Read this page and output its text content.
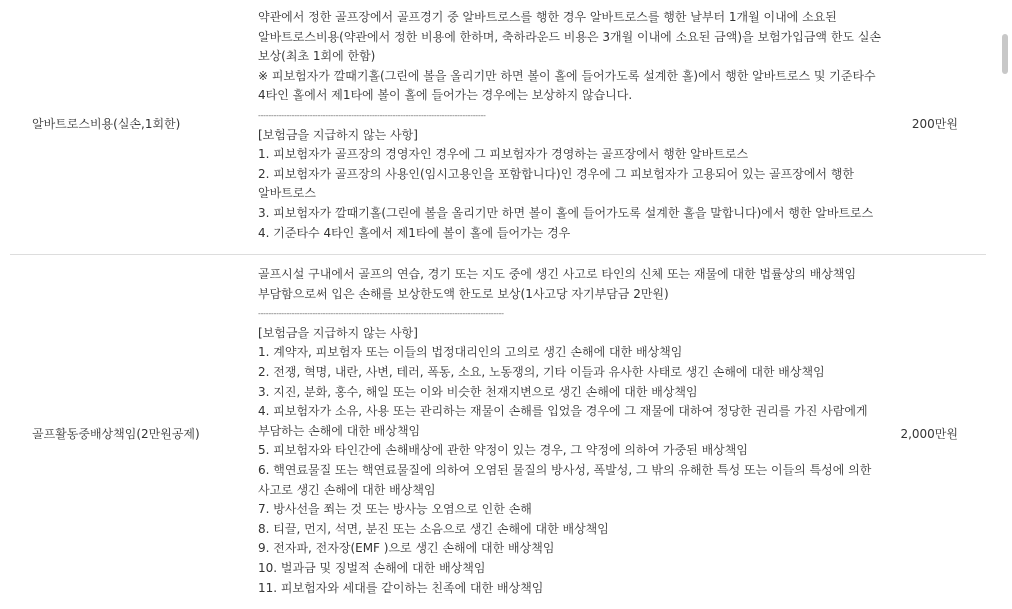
알바트로스비용(실손,1회한)
약관에서 정한 골프장에서 골프경기 중 알바트로스를 행한 경우 알바트로스를 행한 날부터 1개월 이내에 소요된
알바트로스비용(약관에서 정한 비용에 한하며, 축하라운드 비용은 3개월 이내에 소요된 금액)을 보험가입금액 한도 실손
보상(최초 1회에 한함)
※ 피보험자가 깔때기홀(그린에 볼을 올리기만 하면 볼이 홀에 들어가도록 설계한 홀)에서 행한 알바트로스 및 기준타수
4타인 홀에서 제1타에 볼이 홀에 들어가는 경우에는 보상하지 않습니다.
----------------------------------------------------------------------------------------
[보험금을 지급하지 않는 사항]
1. 피보험자가 골프장의 경영자인 경우에 그 피보험자가 경영하는 골프장에서 행한 알바트로스
2. 피보험자가 골프장의 사용인(임시고용인을 포함합니다)인 경우에 그 피보험자가 고용되어 있는 골프장에서 행한
알바트로스
3. 피보험자가 깔때기홀(그린에 볼을 올리기만 하면 볼이 홀에 들어가도록 설계한 홀을 말합니다)에서 행한 알바트로스
4. 기준타수 4타인 홀에서 제1타에 볼이 홀에 들어가는 경우
200만원
골프활동중배상책임(2만원공제)
골프시설 구내에서 골프의 연습, 경기 또는 지도 중에 생긴 사고로 타인의 신체 또는 재물에 대한 법률상의 배상책임
부담함으로써 입은 손해를 보상한도액 한도로 보상(1사고당 자기부담금 2만원)
-----------------------------------------------------------------------------------------------
[보험금을 지급하지 않는 사항]
1. 계약자, 피보험자 또는 이들의 법정대리인의 고의로 생긴 손해에 대한 배상책임
2. 전쟁, 혁명, 내란, 사변, 테러, 폭동, 소요, 노동쟁의, 기타 이들과 유사한 사태로 생긴 손해에 대한 배상책임
3. 지진, 분화, 홍수, 해일 또는 이와 비슷한 천재지변으로 생긴 손해에 대한 배상책임
4. 피보험자가 소유, 사용 또는 관리하는 재물이 손해를 입었을 경우에 그 재물에 대하여 정당한 권리를 가진 사람에게
부담하는 손해에 대한 배상책임
5. 피보험자와 타인간에 손해배상에 관한 약정이 있는 경우, 그 약정에 의하여 가중된 배상책임
6. 핵연료물질 또는 핵연료물질에 의하여 오염된 물질의 방사성, 폭발성, 그 밖의 유해한 특성 또는 이들의 특성에 의한
사고로 생긴 손해에 대한 배상책임
7. 방사선을 쬐는 것 또는 방사능 오염으로 인한 손해
8. 티끌, 먼지, 석면, 분진 또는 소음으로 생긴 손해에 대한 배상책임
9. 전자파, 전자장(EMF )으로 생긴 손해에 대한 배상책임
10. 벌과금 및 징벌적 손해에 대한 배상책임
11. 피보험자와 세대를 같이하는 친족에 대한 배상책임
2,000만원
